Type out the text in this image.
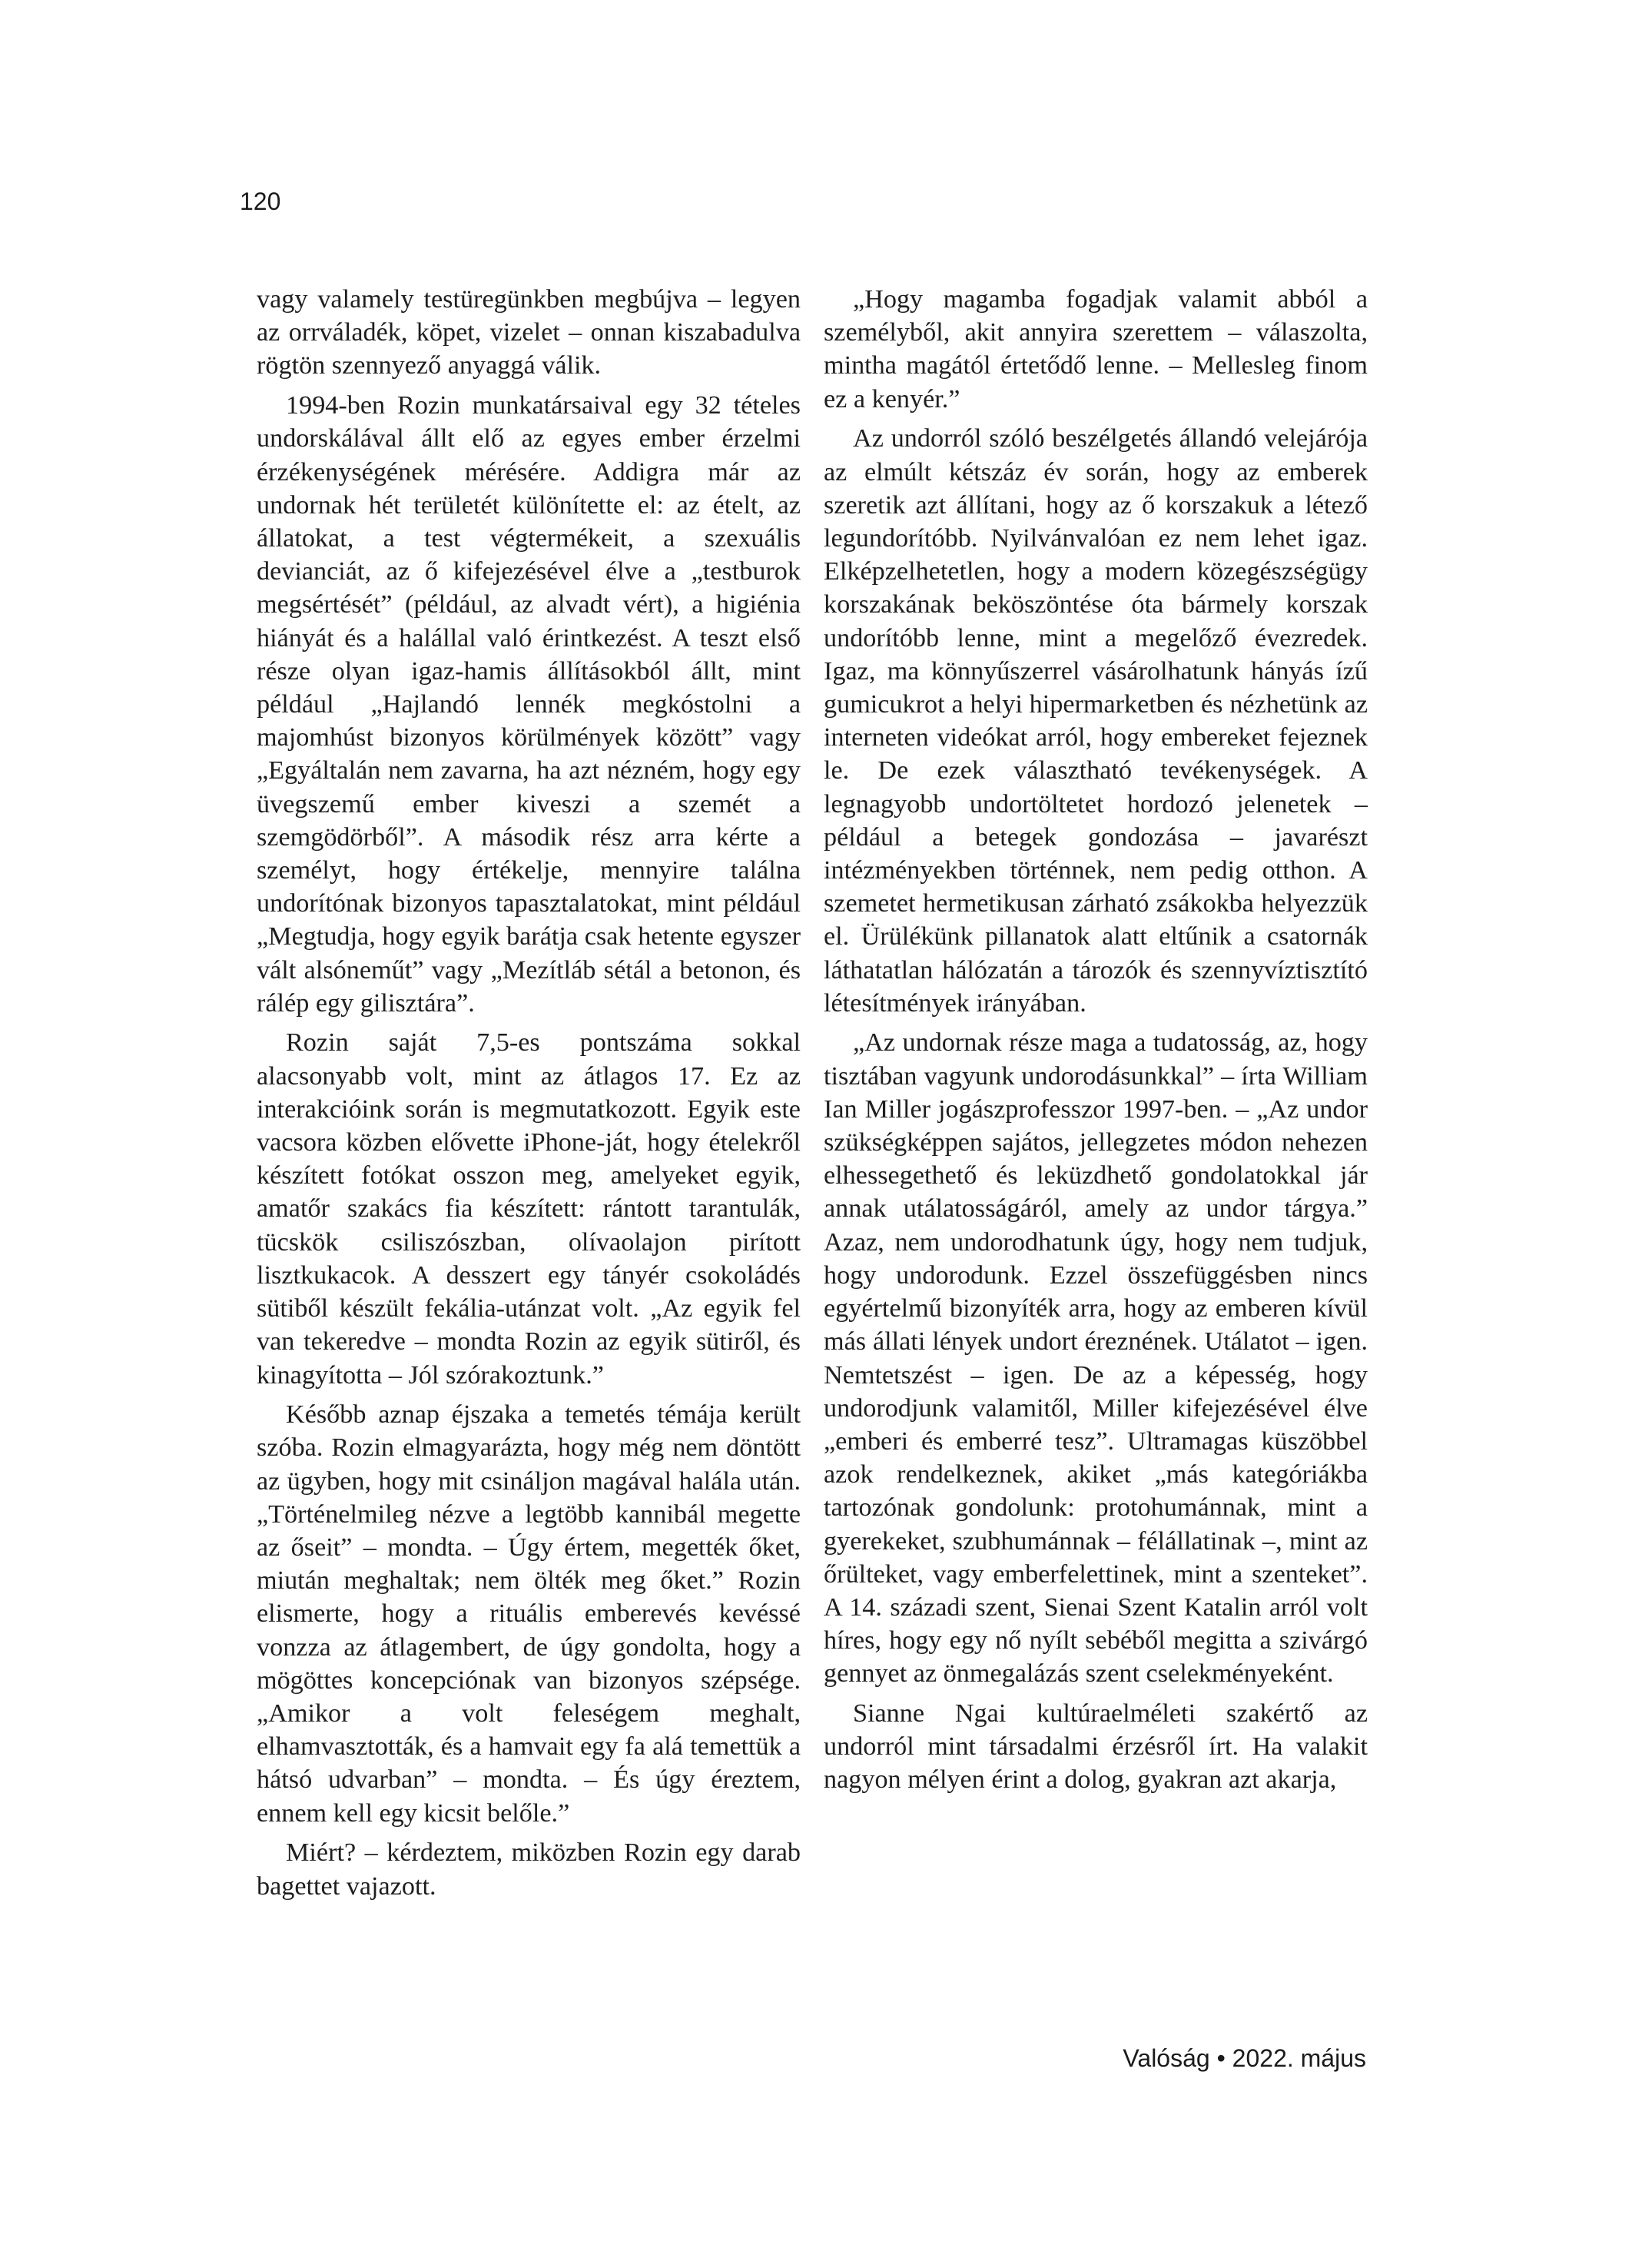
120

vagy valamely testüregünkben megbújva – legyen az orrváladék, köpet, vizelet – onnan kiszabadulva rögtön szennyező anyaggá válik.

1994-ben Rozin munkatársaival egy 32 tételes undorskálával állt elő az egyes ember érzelmi érzékenységének mérésére. Addigra már az undornak hét területét különítette el: az ételt, az állatokat, a test végtermékeit, a szexuális devianciát, az ő kifejezésével élve a „testburok megsértését” (például, az alvadt vért), a higiénia hiányát és a halállal való érintkezést. A teszt első része olyan igaz-hamis állításokból állt, mint például „Hajlandó lennék megkóstolni a majomhúst bizonyos körülmények között” vagy „Egyáltalán nem zavarna, ha azt nézném, hogy egy üvegszemű ember kiveszi a szemét a szemgödörből”. A második rész arra kérte a személyt, hogy értékelje, mennyire találna undorítónak bizonyos tapasztalatokat, mint például „Megtudja, hogy egyik barátja csak hetente egyszer vált alsóneműt” vagy „Mezítláb sétál a betonon, és rálép egy gilisztára”.

Rozin saját 7,5-es pontszáma sokkal alacsonyabb volt, mint az átlagos 17. Ez az interakcióink során is megmutatkozott. Egyik este vacsora közben elővette iPhone-ját, hogy ételekről készített fotókat osszon meg, amelyeket egyik, amatőr szakács fia készített: rántott tarantulák, tücskök csiliszószban, olívaolajon pirított lisztkukacok. A desszert egy tányér csokoládés sütiből készült fekália-utánzat volt. „Az egyik fel van tekeredve – mondta Rozin az egyik sütiről, és kinagyította – Jól szórakoztunk.”

Később aznap éjszaka a temetés témája került szóba. Rozin elmagyarázta, hogy még nem döntött az ügyben, hogy mit csináljon magával halála után. „Történelmileg nézve a legtöbb kannibál megette az őseit” – mondta. – Úgy értem, megették őket, miután meghaltak; nem ölték meg őket.” Rozin elismerte, hogy a rituális emberevés kevéssé vonzza az átlagembert, de úgy gondolta, hogy a mögöttes koncepciónak van bizonyos szépsége. „Amikor a volt feleségem meghalt, elhamvasztották, és a hamvait egy fa alá temettük a hátsó udvarban” – mondta. – És úgy éreztem, ennem kell egy kicsit belőle.”

Miért? – kérdeztem, miközben Rozin egy darab bagettet vajazott.

„Hogy magamba fogadjak valamit abból a személyből, akit annyira szerettem – válaszolta, mintha magától értetődő lenne. – Mellesleg finom ez a kenyér.”

Az undorról szóló beszélgetés állandó velejárója az elmúlt kétszáz év során, hogy az emberek szeretik azt állítani, hogy az ő korszakuk a létező legundorítóbb. Nyilvánvalóan ez nem lehet igaz. Elképzelhetetlen, hogy a modern közegészségügy korszakának beköszöntése óta bármely korszak undorítóbb lenne, mint a megelőző évezredek. Igaz, ma könnyűszerrel vásárolhatunk hányás ízű gumicukrot a helyi hipermarketben és nézhetünk az interneten videókat arról, hogy embereket fejeznek le. De ezek választható tevékenységek. A legnagyobb undortöltetet hordozó jelenetek – például a betegek gondozása – javarészt intézményekben történnek, nem pedig otthon. A szemetet hermetikusan zárható zsákokba helyezzük el. Ürülékünk pillanatok alatt eltűnik a csatornák láthatatlan hálózatán a tározók és szennyvíztisztító létesítmények irányában.

„Az undornak része maga a tudatosság, az, hogy tisztában vagyunk undorodásunkkal” – írta William Ian Miller jogászprofesszor 1997-ben. – „Az undor szükségképpen sajátos, jellegzetes módon nehezen elhessegethető és leküzdhető gondolatokkal jár annak utálatosságáról, amely az undor tárgya.” Azaz, nem undorodhatunk úgy, hogy nem tudjuk, hogy undorodunk. Ezzel összefüggésben nincs egyértelmű bizonyíték arra, hogy az emberen kívül más állati lények undort éreznének. Utálatot – igen. Nemtetszést – igen. De az a képesség, hogy undorodjunk valamitől, Miller kifejezésével élve „emberi és emberré tesz”. Ultramagas küszöbbel azok rendelkeznek, akiket „más kategóriákba tartozónak gondolunk: protohumánnak, mint a gyerekeket, szubhumánnak – félállatinak –, mint az őrülteket, vagy emberfelettinek, mint a szenteket”. A 14. századi szent, Sienai Szent Katalin arról volt híres, hogy egy nő nyílt sebéből megitta a szivárgó gennyet az önmegalázás szent cselekményeként.

Sianne Ngai kultúraelméleti szakértő az undorról mint társadalmi érzésről írt. Ha valakit nagyon mélyen érint a dolog, gyakran azt akarja,

Valóság • 2022. május
